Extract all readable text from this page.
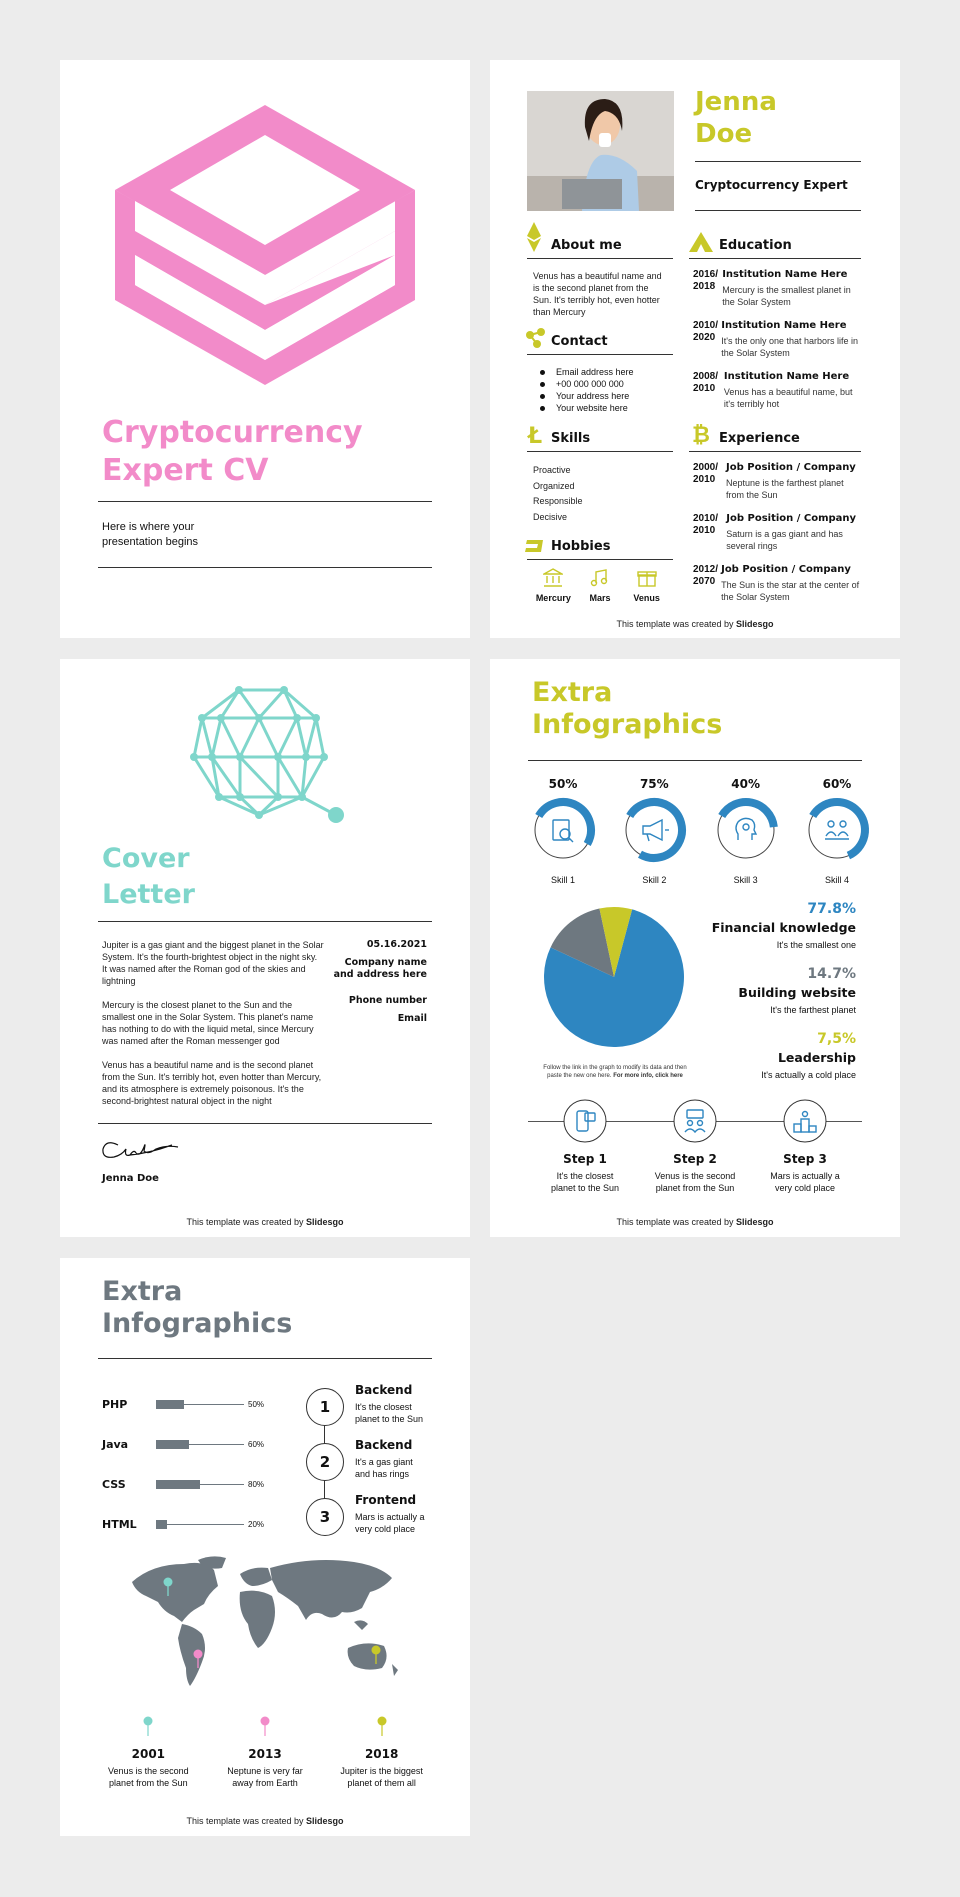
Cryptocurrency
Expert CV
Here is where your
presentation begins
Jenna
Doe
Cryptocurrency Expert
About me
Venus has a beautiful name and is the second planet from the Sun. It's terribly hot, even hotter than Mercury
Contact
Email address here
+00 000 000 000
Your address here
Your website here
Ł Skills
Proactive
Organized
Responsible
Decisive
Hobbies
Mercury	Mars	Venus
Education
2016/
2018
Institution Name Here
Mercury is the smallest planet in the Solar System
2010/
2020
Institution Name Here
It's the only one that harbors life in the Solar System
2008/
2010
Institution Name Here
Venus has a beautiful name, but it's terribly hot
₿ Experience
2000/
2010
Job Position / Company
Neptune is the farthest planet from the Sun
2010/
2010
Job Position / Company
Saturn is a gas giant and has several rings
2012/
2070
Job Position / Company
The Sun is the star at the center of the Solar System
This template was created by Slidesgo
Cover
Letter

Jupiter is a gas giant and the biggest planet in the Solar System. It's the fourth-brightest object in the night sky. It was named after the Roman god of the skies and lightning

Mercury is the closest planet to the Sun and the smallest one in the Solar System. This planet's name has nothing to do with the liquid metal, since Mercury was named after the Roman messenger god

Venus has a beautiful name and is the second planet from the Sun. It's terribly hot, even hotter than Mercury, and its atmosphere is extremely poisonous. It's the second-brightest natural object in the night

05.16.2021
Company name
and address here
Phone number
Email
Jenna Doe
This template was created by Slidesgo
Extra
Infographics
50%
Skill 1
75%
Skill 2
40%
Skill 3
60%
Skill 4
Follow the link in the graph to modify its data and then
paste the new one here. For more info, click here
77.8%
Financial knowledge
It's the smallest one
14.7%
Building website
It's the farthest planet
7,5%
Leadership
It's actually a cold place
Step 1
It's the closest
planet to the Sun
Step 2
Venus is the second
planet from the Sun
Step 3
Mars is actually a
very cold place
This template was created by Slidesgo
Extra
Infographics
PHP	50%
Java	60%
CSS	80%
HTML	20%
1
Backend
It's the closest
planet to the Sun
2
Backend
It's a gas giant
and has rings
3
Frontend
Mars is actually a
very cold place
2001
Venus is the second
planet from the Sun
2013
Neptune is very far
away from Earth
2018
Jupiter is the biggest
planet of them all
This template was created by Slidesgo
